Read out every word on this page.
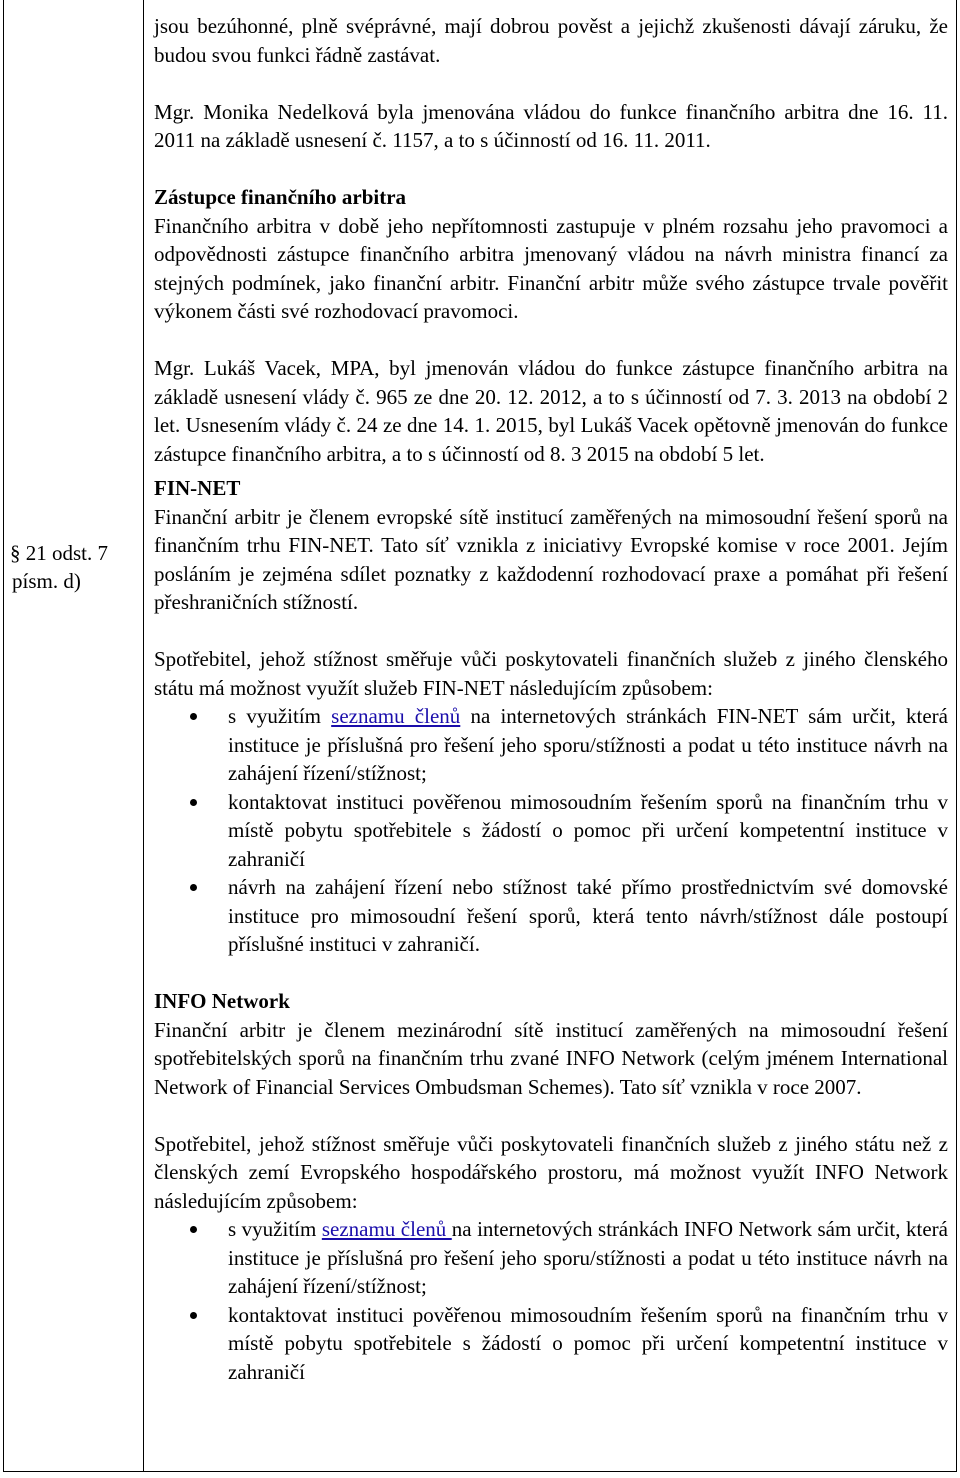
§ 21 odst. 7
písm. d)

jsou bezúhonné, plně svéprávné, mají dobrou pověst a jejichž zkušenosti dávají záruku, že budou svou funkci řádně zastávat.

Mgr. Monika Nedelková byla jmenována vládou do funkce finančního arbitra dne 16. 11. 2011 na základě usnesení č. 1157, a to s účinností od 16. 11. 2011.

Zástupce finančního arbitra

Finančního arbitra v době jeho nepřítomnosti zastupuje v plném rozsahu jeho pravomoci a odpovědnosti zástupce finančního arbitra jmenovaný vládou na návrh ministra financí za stejných podmínek, jako finanční arbitr. Finanční arbitr může svého zástupce trvale pověřit výkonem části své rozhodovací pravomoci.

Mgr. Lukáš Vacek, MPA, byl jmenován vládou do funkce zástupce finančního arbitra na základě usnesení vlády č. 965 ze dne 20. 12. 2012, a to s účinností od 7. 3. 2013 na období 2 let. Usnesením vlády č. 24 ze dne 14. 1. 2015, byl Lukáš Vacek opětovně jmenován do funkce zástupce finančního arbitra, a to s účinností od 8. 3 2015 na období 5 let.

FIN-NET

Finanční arbitr je členem evropské sítě institucí zaměřených na mimosoudní řešení sporů na finančním trhu FIN-NET. Tato síť vznikla z iniciativy Evropské komise v roce 2001. Jejím posláním je zejména sdílet poznatky z každodenní rozhodovací praxe a pomáhat při řešení přeshraničních stížností.

Spotřebitel, jehož stížnost směřuje vůči poskytovateli finančních služeb z jiného členského státu má možnost využít služeb FIN-NET následujícím způsobem:

s využitím seznamu členů na internetových stránkách FIN-NET sám určit, která instituce je příslušná pro řešení jeho sporu/stížnosti a podat u této instituce návrh na zahájení řízení/stížnost;
kontaktovat instituci pověřenou mimosoudním řešením sporů na finančním trhu v místě pobytu spotřebitele s žádostí o pomoc při určení kompetentní instituce v zahraničí
návrh na zahájení řízení nebo stížnost také přímo prostřednictvím své domovské instituce pro mimosoudní řešení sporů, která tento návrh/stížnost dále postoupí příslušné instituci v zahraničí.

INFO Network

Finanční arbitr je členem mezinárodní sítě institucí zaměřených na mimosoudní řešení spotřebitelských sporů na finančním trhu zvané INFO Network (celým jménem International Network of Financial Services Ombudsman Schemes). Tato síť vznikla v roce 2007.

Spotřebitel, jehož stížnost směřuje vůči poskytovateli finančních služeb z jiného státu než z členských zemí Evropského hospodářského prostoru, má možnost využít INFO Network následujícím způsobem:

s využitím seznamu členů na internetových stránkách INFO Network sám určit, která instituce je příslušná pro řešení jeho sporu/stížnosti a podat u této instituce návrh na zahájení řízení/stížnost;
kontaktovat instituci pověřenou mimosoudním řešením sporů na finančním trhu v místě pobytu spotřebitele s žádostí o pomoc při určení kompetentní instituce v zahraničí
